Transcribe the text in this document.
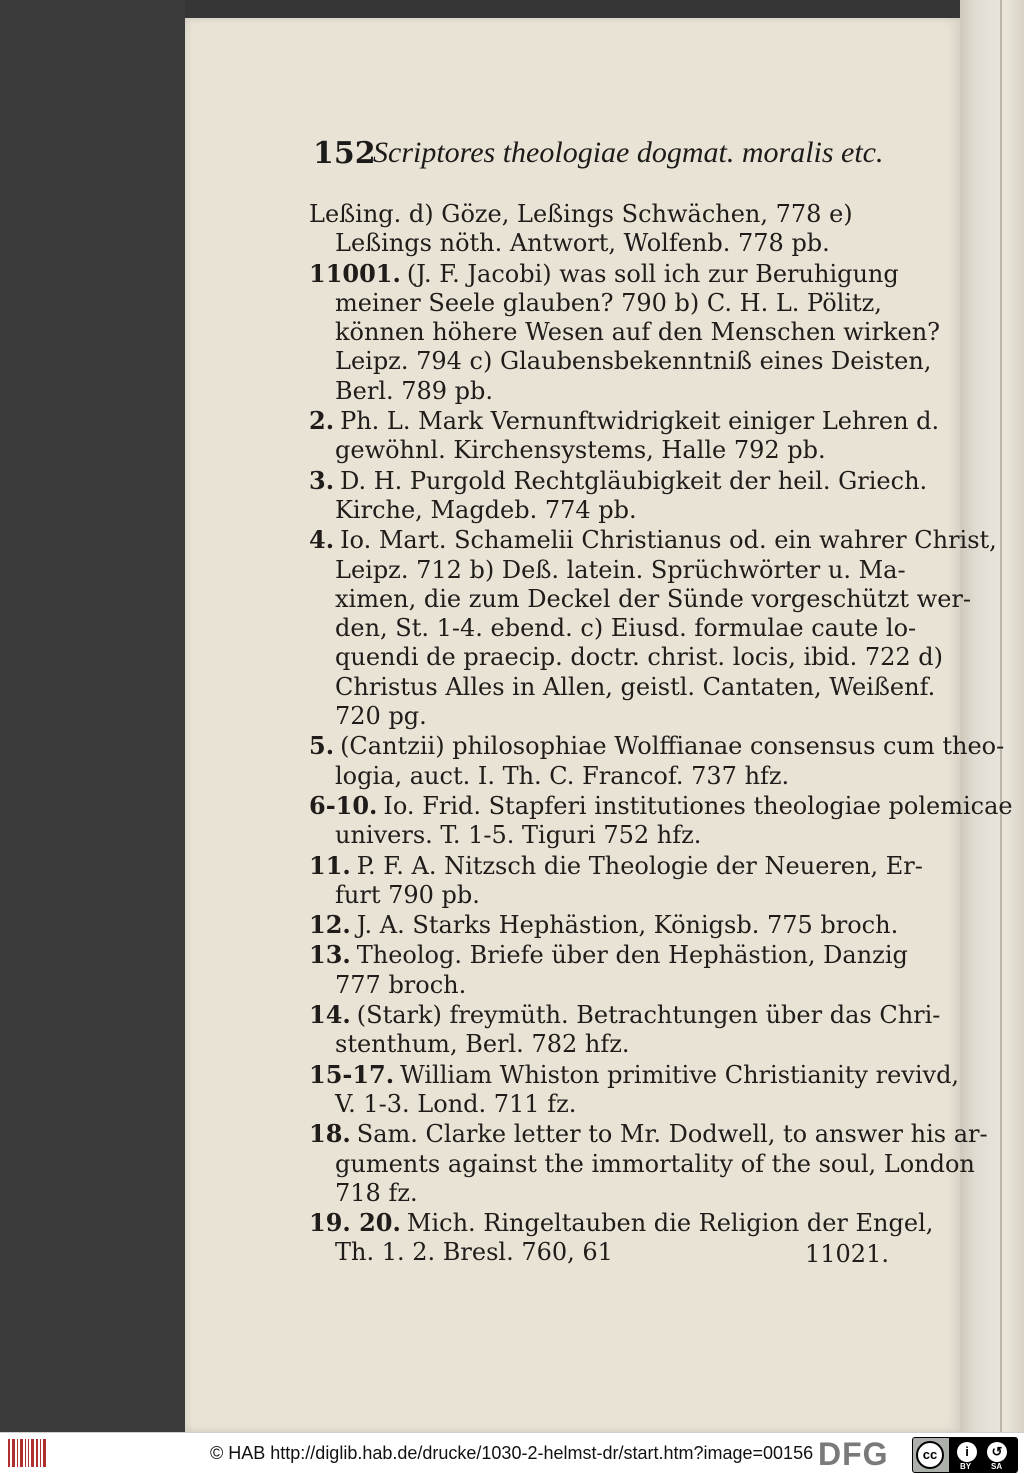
152
Scriptores theologiae dogmat. moralis etc.
Leßing. d) Göze, Leßings Schwächen, 778 e)
Leßings nöth. Antwort, Wolfenb. 778 pb.
11001. (J. F. Jacobi) was soll ich zur Beruhigung
meiner Seele glauben? 790 b) C. H. L. Pölitz,
können höhere Wesen auf den Menschen wirken?
Leipz. 794 c) Glaubensbekenntniß eines Deisten,
Berl. 789 pb.
2. Ph. L. Mark Vernunftwidrigkeit einiger Lehren d.
gewöhnl. Kirchensystems, Halle 792 pb.
3. D. H. Purgold Rechtgläubigkeit der heil. Griech.
Kirche, Magdeb. 774 pb.
4. Io. Mart. Schamelii Christianus od. ein wahrer Christ,
Leipz. 712 b) Deß. latein. Sprüchwörter u. Ma-
ximen, die zum Deckel der Sünde vorgeschützt wer-
den, St. 1-4. ebend. c) Eiusd. formulae caute lo-
quendi de praecip. doctr. christ. locis, ibid. 722 d)
Christus Alles in Allen, geistl. Cantaten, Weißenf.
720 pg.
5. (Cantzii) philosophiae Wolffianae consensus cum theo-
logia, auct. I. Th. C. Francof. 737 hfz.
6-10. Io. Frid. Stapferi institutiones theologiae polemicae
univers. T. 1-5. Tiguri 752 hfz.
11. P. F. A. Nitzsch die Theologie der Neueren, Er-
furt 790 pb.
12. J. A. Starks Hephästion, Königsb. 775 broch.
13. Theolog. Briefe über den Hephästion, Danzig
777 broch.
14. (Stark) freymüth. Betrachtungen über das Chri-
stenthum, Berl. 782 hfz.
15-17. William Whiston primitive Christianity revivd,
V. 1-3. Lond. 711 fz.
18. Sam. Clarke letter to Mr. Dodwell, to answer his ar-
guments against the immortality of the soul, London
718 fz.
19. 20. Mich. Ringeltauben die Religion der Engel,
Th. 1. 2. Bresl. 760, 61	11021.
© HAB http://diglib.hab.de/drucke/1030-2-helmst-dr/start.htm?image=00156 DFG	cc	i	↺
BY SA
